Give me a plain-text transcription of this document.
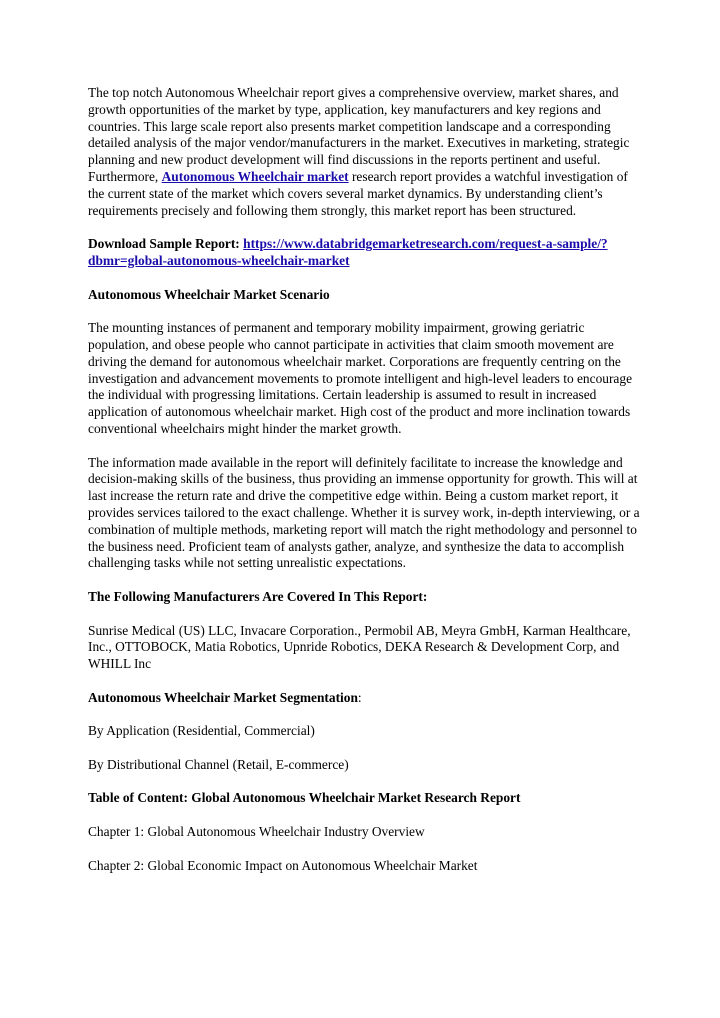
The top notch Autonomous Wheelchair report gives a comprehensive overview, market shares, and growth opportunities of the market by type, application, key manufacturers and key regions and countries. This large scale report also presents market competition landscape and a corresponding detailed analysis of the major vendor/manufacturers in the market. Executives in marketing, strategic planning and new product development will find discussions in the reports pertinent and useful. Furthermore, Autonomous Wheelchair market research report provides a watchful investigation of the current state of the market which covers several market dynamics. By understanding client’s requirements precisely and following them strongly, this market report has been structured.

Download Sample Report: https://www.databridgemarketresearch.com/request-a-sample/?dbmr=global-autonomous-wheelchair-market

Autonomous Wheelchair Market Scenario

The mounting instances of permanent and temporary mobility impairment, growing geriatric population, and obese people who cannot participate in activities that claim smooth movement are driving the demand for autonomous wheelchair market. Corporations are frequently centring on the investigation and advancement movements to promote intelligent and high-level leaders to encourage the individual with progressing limitations. Certain leadership is assumed to result in increased application of autonomous wheelchair market. High cost of the product and more inclination towards conventional wheelchairs might hinder the market growth.

The information made available in the report will definitely facilitate to increase the knowledge and decision-making skills of the business, thus providing an immense opportunity for growth. This will at last increase the return rate and drive the competitive edge within. Being a custom market report, it provides services tailored to the exact challenge. Whether it is survey work, in-depth interviewing, or a combination of multiple methods, marketing report will match the right methodology and personnel to the business need. Proficient team of analysts gather, analyze, and synthesize the data to accomplish challenging tasks while not setting unrealistic expectations.

The Following Manufacturers Are Covered In This Report:

Sunrise Medical (US) LLC, Invacare Corporation., Permobil AB, Meyra GmbH, Karman Healthcare, Inc., OTTOBOCK, Matia Robotics, Upnride Robotics, DEKA Research & Development Corp, and WHILL Inc

Autonomous Wheelchair Market Segmentation:

By Application (Residential, Commercial)

By Distributional Channel (Retail, E-commerce)

Table of Content: Global Autonomous Wheelchair Market Research Report

Chapter 1: Global Autonomous Wheelchair Industry Overview

Chapter 2: Global Economic Impact on Autonomous Wheelchair Market
